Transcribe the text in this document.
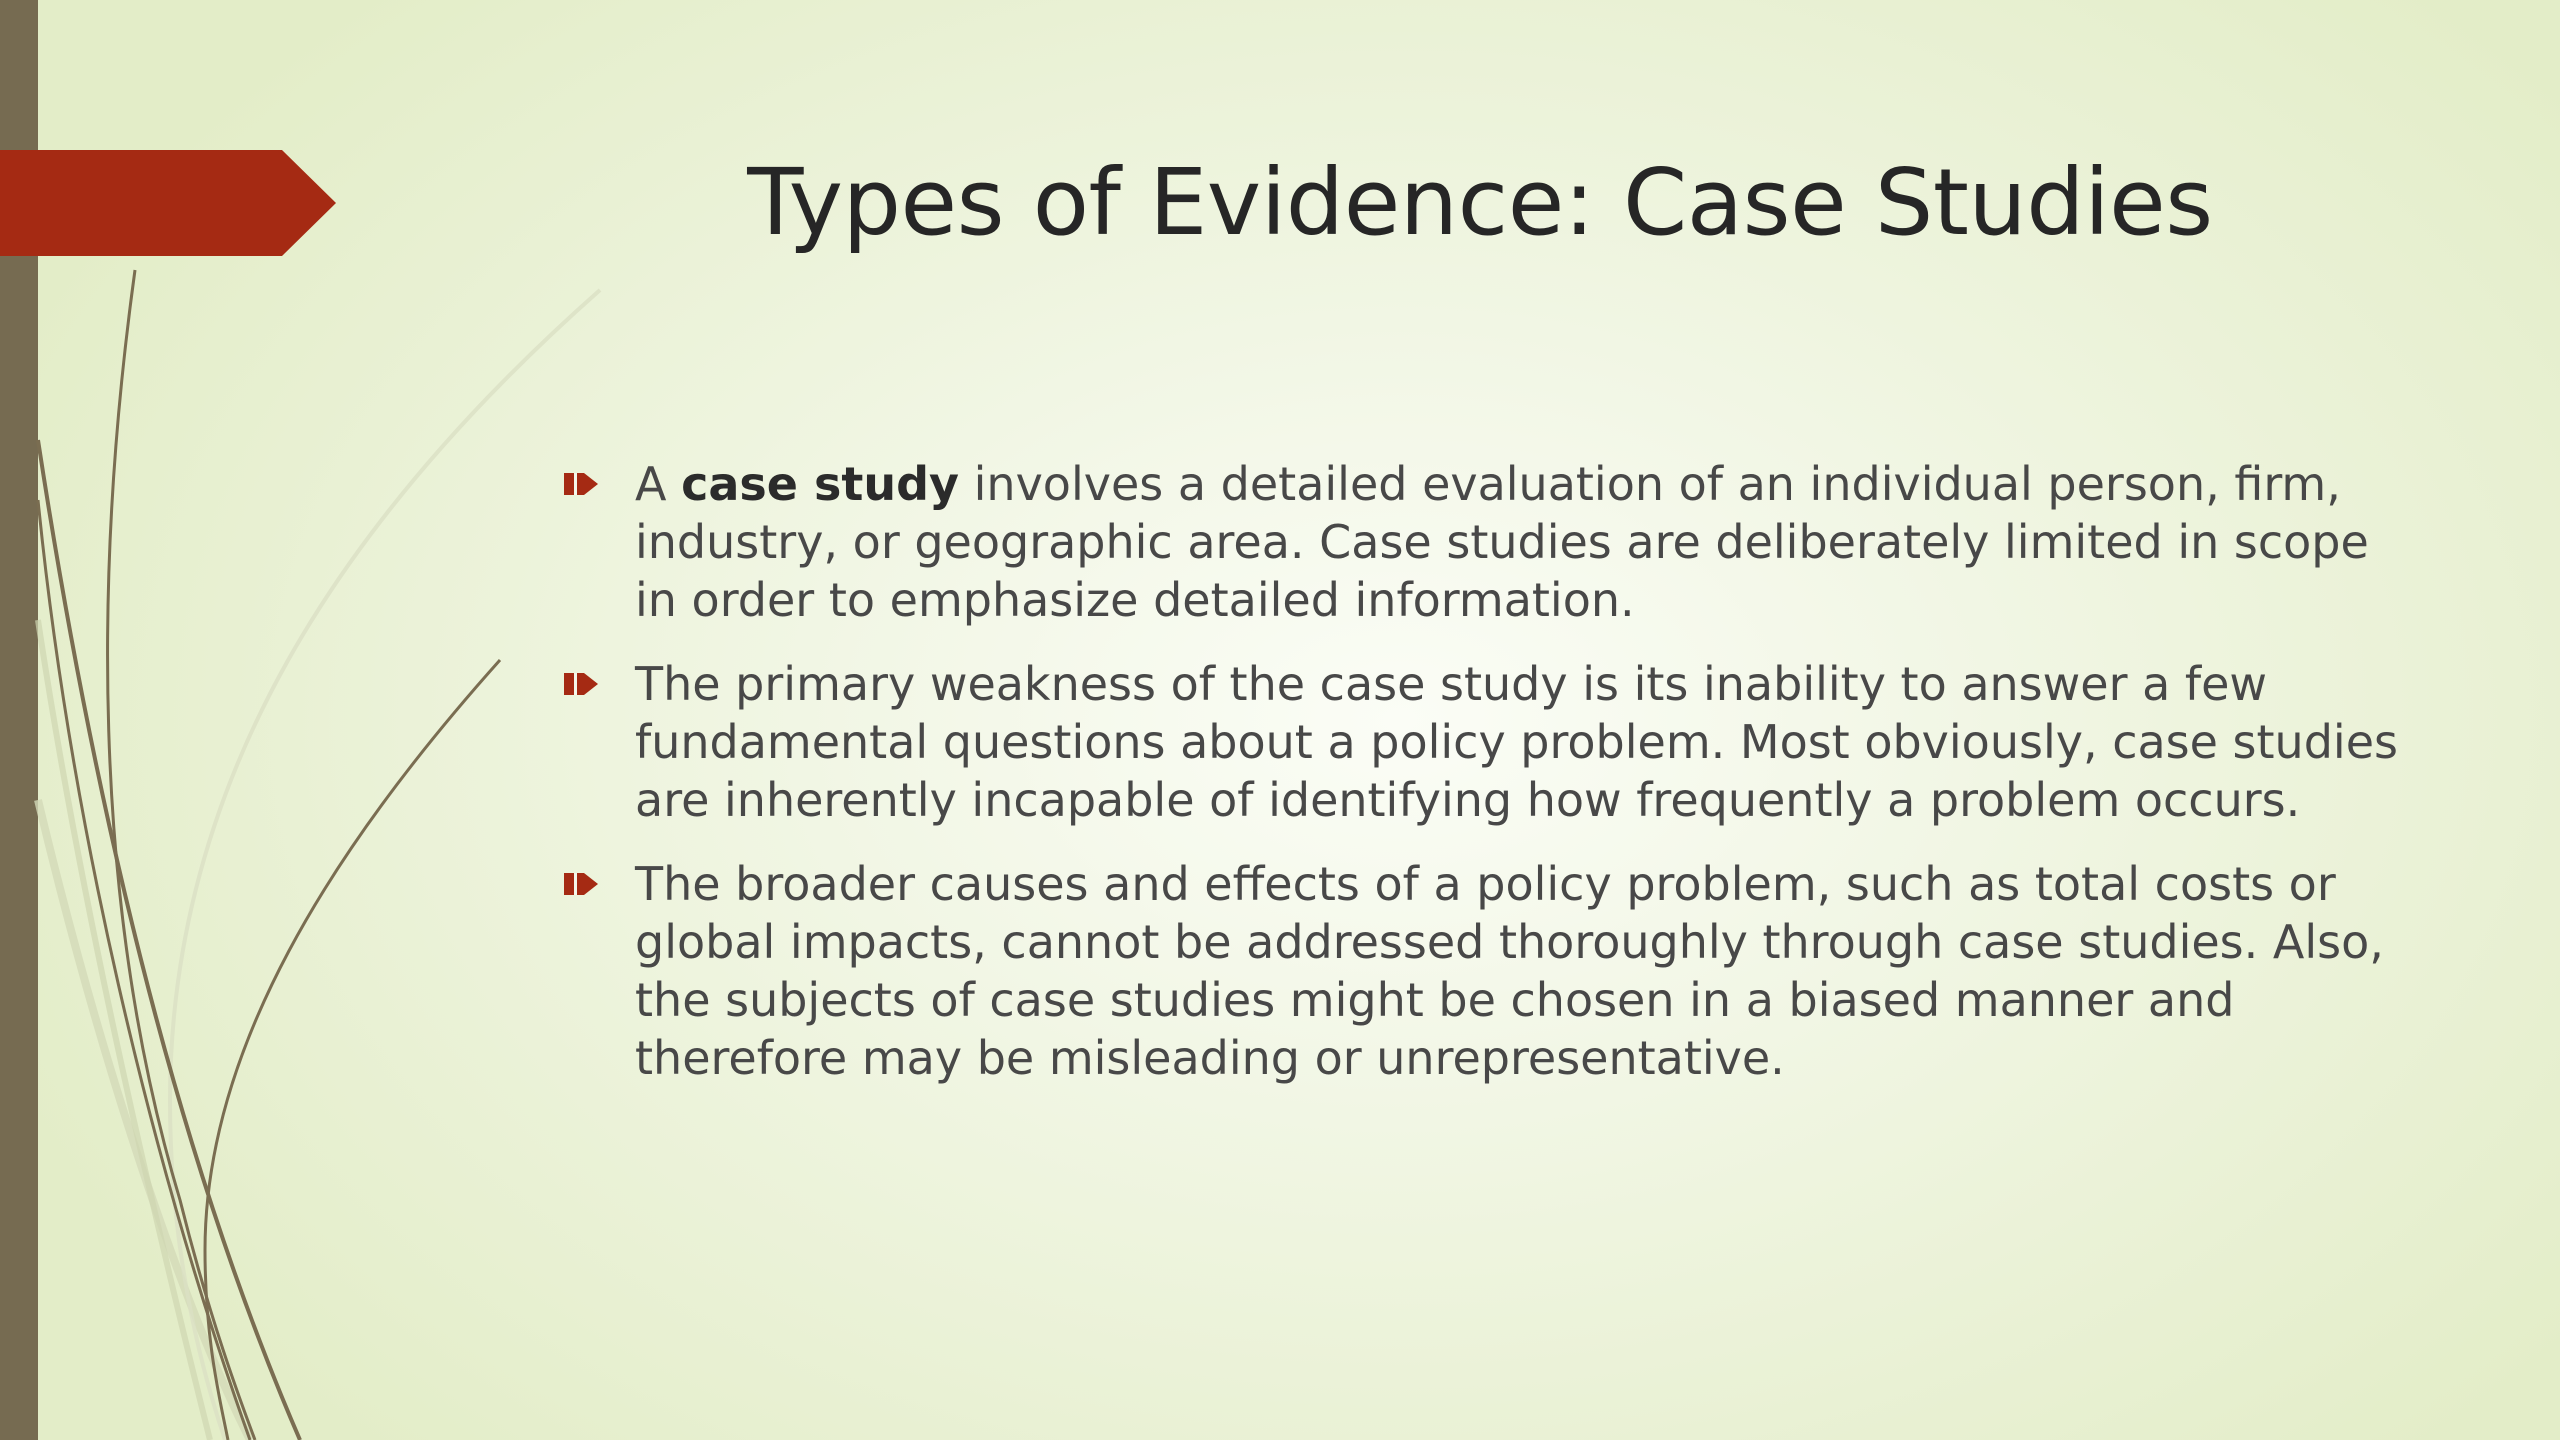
Types of Evidence: Case Studies
A case study involves a detailed evaluation of an individual person, firm, industry, or geographic area. Case studies are deliberately limited in scope in order to emphasize detailed information.
The primary weakness of the case study is its inability to answer a few fundamental questions about a policy problem. Most obviously, case studies are inherently incapable of identifying how frequently a problem occurs.
The broader causes and effects of a policy problem, such as total costs or global impacts, cannot be addressed thoroughly through case studies. Also, the subjects of case studies might be chosen in a biased manner and therefore may be misleading or unrepresentative.
